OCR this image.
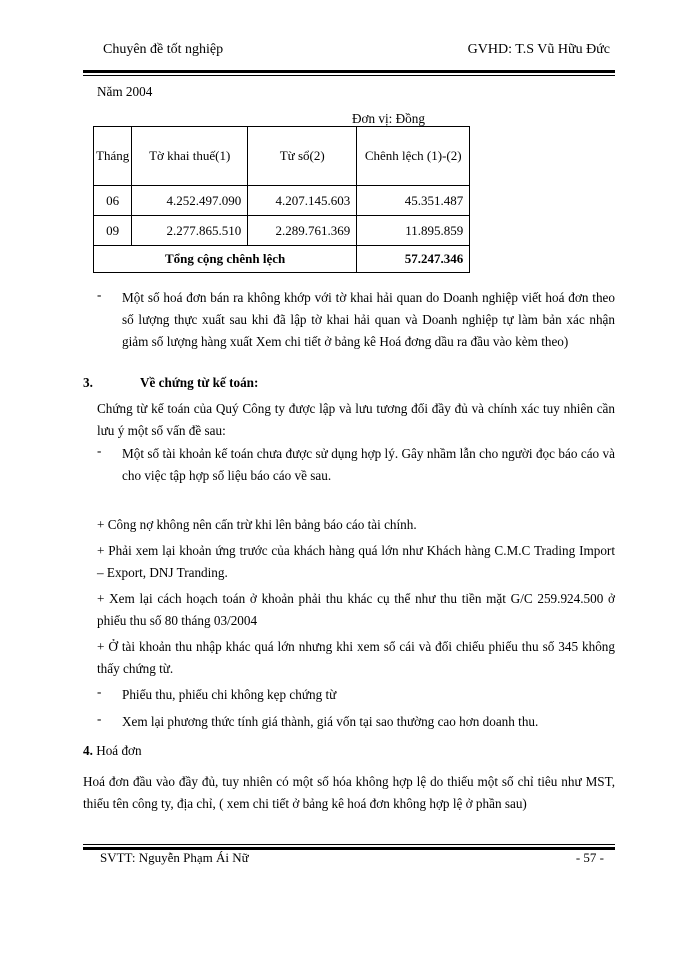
Chuyên đề tốt nghiệp	GVHD: T.S Vũ Hữu Đức
Năm 2004
Đơn vị: Đồng
Tháng	Tờ khai thuế(1)	Từ sổ(2)	Chênh lệch (1)-(2)
06	4.252.497.090	4.207.145.603	45.351.487
09	2.277.865.510	2.289.761.369	11.895.859
Tổng cộng chênh lệch			57.247.346
- Một số hoá đơn bán ra không khớp với tờ khai hải quan do Doanh nghiệp viết hoá đơn theo số lượng thực xuất sau khi đã lập tờ khai hải quan và Doanh nghiệp tự làm bản xác nhận giảm số lượng hàng xuất Xem chi tiết ở bảng kê Hoá đơng dầu ra đầu vào kèm theo)
3.	Về chứng từ kế toán:
Chứng từ kế toán của Quý Công ty được lập và lưu tương đối đầy đủ và chính xác tuy nhiên cần lưu ý một số vấn đề sau:
- Một số tài khoản kế toán chưa được sử dụng hợp lý. Gây nhầm lẫn cho người đọc báo cáo và cho việc tập hợp số liệu báo cáo về sau.
+ Công nợ không nên cấn trừ khi lên bảng báo cáo tài chính.
+ Phải xem lại khoản ứng trước của khách hàng quá lớn như Khách hàng C.M.C Trading Import – Export, DNJ Tranding.
+ Xem lại cách hoạch toán ở khoản phải thu khác cụ thể như thu tiền mặt G/C 259.924.500 ở phiếu thu số 80 tháng 03/2004
+ Ở tài khoản thu nhập khác quá lớn nhưng khi xem sổ cái và đối chiếu phiếu thu số 345 không thấy chứng từ.
- Phiếu thu, phiếu chi không kẹp chứng từ
- Xem lại phương thức tính giá thành, giá vốn tại sao thường cao hơn doanh thu.
4. Hoá đơn
Hoá đơn đầu vào đầy đủ, tuy nhiên có một số hóa không hợp lệ do thiếu một số chỉ tiêu như MST, thiếu tên công ty, địa chỉ, ( xem chi tiết ở bảng kê hoá đơn không hợp lệ ở phần sau)
SVTT: Nguyễn Phạm Ái Nữ	- 57 -
